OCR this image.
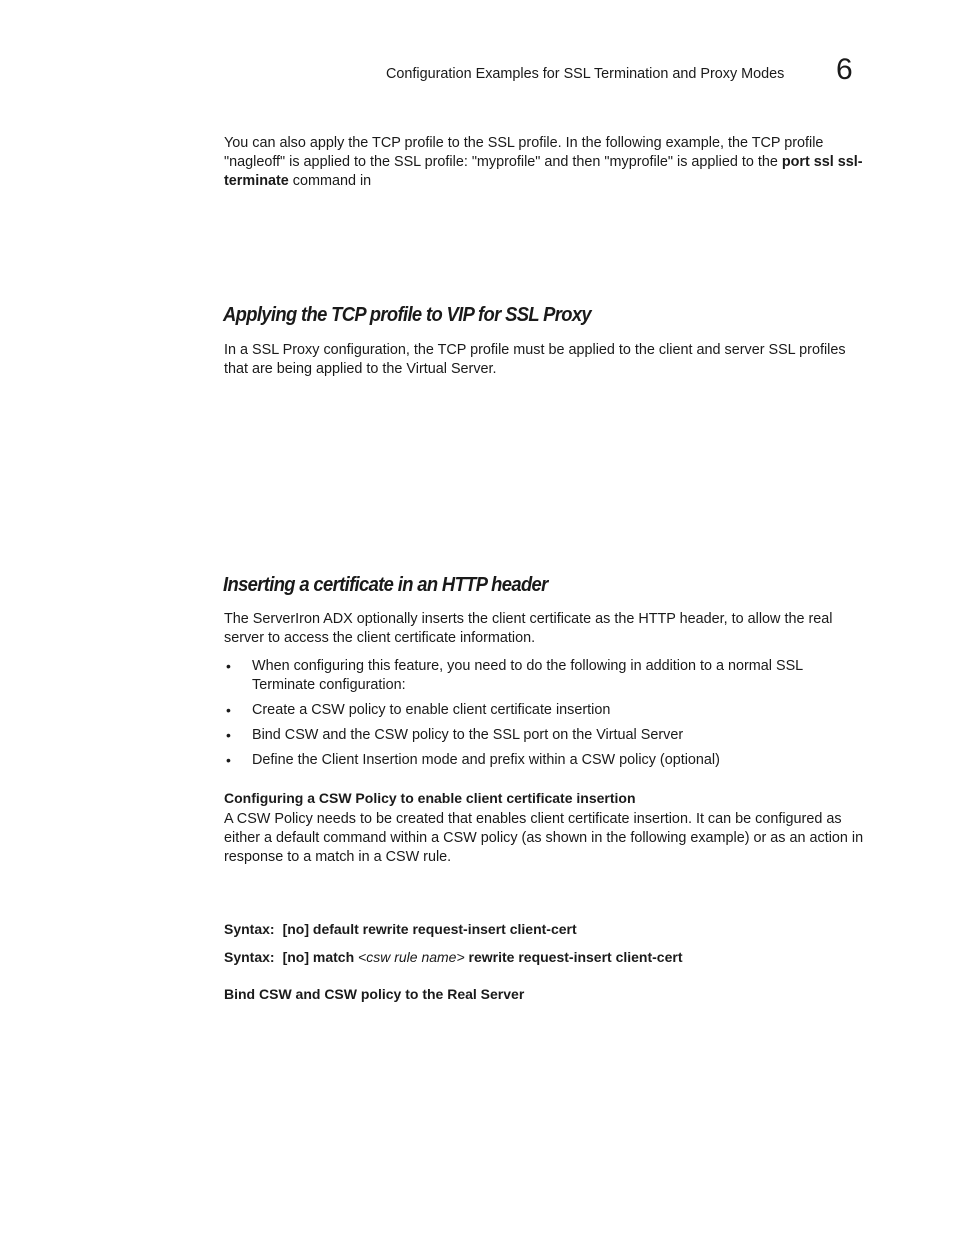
Configuration Examples for SSL Termination and Proxy Modes 6

You can also apply the TCP profile to the SSL profile. In the following example, the TCP profile "nagleoff" is applied to the SSL profile: "myprofile" and then "myprofile" is applied to the port ssl ssl-terminate command in

Applying the TCP profile to VIP for SSL Proxy

In a SSL Proxy configuration, the TCP profile must be applied to the client and server SSL profiles that are being applied to the Virtual Server.

Inserting a certificate in an HTTP header

The ServerIron ADX optionally inserts the client certificate as the HTTP header, to allow the real server to access the client certificate information.

• When configuring this feature, you need to do the following in addition to a normal SSL Terminate configuration:
• Create a CSW policy to enable client certificate insertion
• Bind CSW and the CSW policy to the SSL port on the Virtual Server
• Define the Client Insertion mode and prefix within a CSW policy (optional)
Configuring a CSW Policy to enable client certificate insertion

A CSW Policy needs to be created that enables client certificate insertion. It can be configured as either a default command within a CSW policy (as shown in the following example) or as an action in response to a match in a CSW rule.

Syntax: [no] default rewrite request-insert client-cert
Syntax: [no] match <csw rule name> rewrite request-insert client-cert
Bind CSW and CSW policy to the Real Server
